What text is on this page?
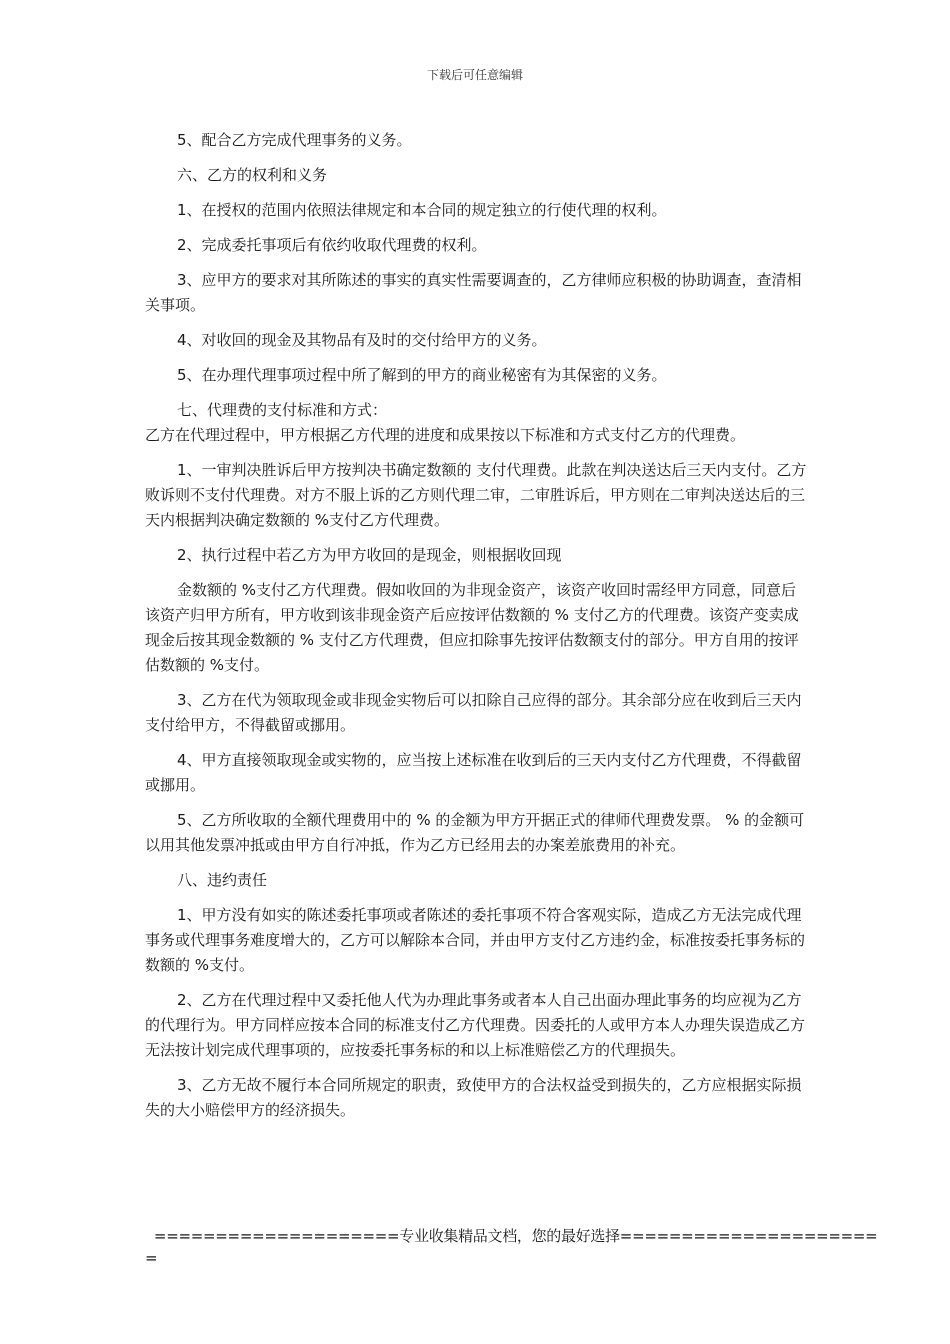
下载后可任意编辑

5、配合乙方完成代理事务的义务。

六、乙方的权利和义务

1、在授权的范围内依照法律规定和本合同的规定独立的行使代理的权利。

2、完成委托事项后有依约收取代理费的权利。

3、应甲方的要求对其所陈述的事实的真实性需要调查的，乙方律师应积极的协助调查，查清相关事项。

4、对收回的现金及其物品有及时的交付给甲方的义务。

5、在办理代理事项过程中所了解到的甲方的商业秘密有为其保密的义务。

七、代理费的支付标准和方式：

乙方在代理过程中，甲方根据乙方代理的进度和成果按以下标准和方式支付乙方的代理费。

1、一审判决胜诉后甲方按判决书确定数额的 支付代理费。此款在判决送达后三天内支付。乙方败诉则不支付代理费。对方不服上诉的乙方则代理二审，二审胜诉后，甲方则在二审判决送达后的三天内根据判决确定数额的 %支付乙方代理费。

2、执行过程中若乙方为甲方收回的是现金，则根据收回现

金数额的 %支付乙方代理费。假如收回的为非现金资产，该资产收回时需经甲方同意，同意后该资产归甲方所有，甲方收到该非现金资产后应按评估数额的 % 支付乙方的代理费。该资产变卖成现金后按其现金数额的 % 支付乙方代理费，但应扣除事先按评估数额支付的部分。甲方自用的按评估数额的 %支付。

3、乙方在代为领取现金或非现金实物后可以扣除自己应得的部分。其余部分应在收到后三天内支付给甲方，不得截留或挪用。

4、甲方直接领取现金或实物的，应当按上述标准在收到后的三天内支付乙方代理费，不得截留或挪用。

5、乙方所收取的全额代理费用中的 % 的金额为甲方开据正式的律师代理费发票。 % 的金额可以用其他发票冲抵或由甲方自行冲抵，作为乙方已经用去的办案差旅费用的补充。

八、违约责任

1、甲方没有如实的陈述委托事项或者陈述的委托事项不符合客观实际，造成乙方无法完成代理事务或代理事务难度增大的，乙方可以解除本合同，并由甲方支付乙方违约金，标准按委托事务标的数额的 %支付。

2、乙方在代理过程中又委托他人代为办理此事务或者本人自己出面办理此事务的均应视为乙方的代理行为。甲方同样应按本合同的标准支付乙方代理费。因委托的人或甲方本人办理失误造成乙方无法按计划完成代理事项的，应按委托事务标的和以上标准赔偿乙方的代理损失。

3、乙方无故不履行本合同所规定的职责，致使甲方的合法权益受到损失的，乙方应根据实际损失的大小赔偿甲方的经济损失。

====================专业收集精品文档，您的最好选择=====================
=
